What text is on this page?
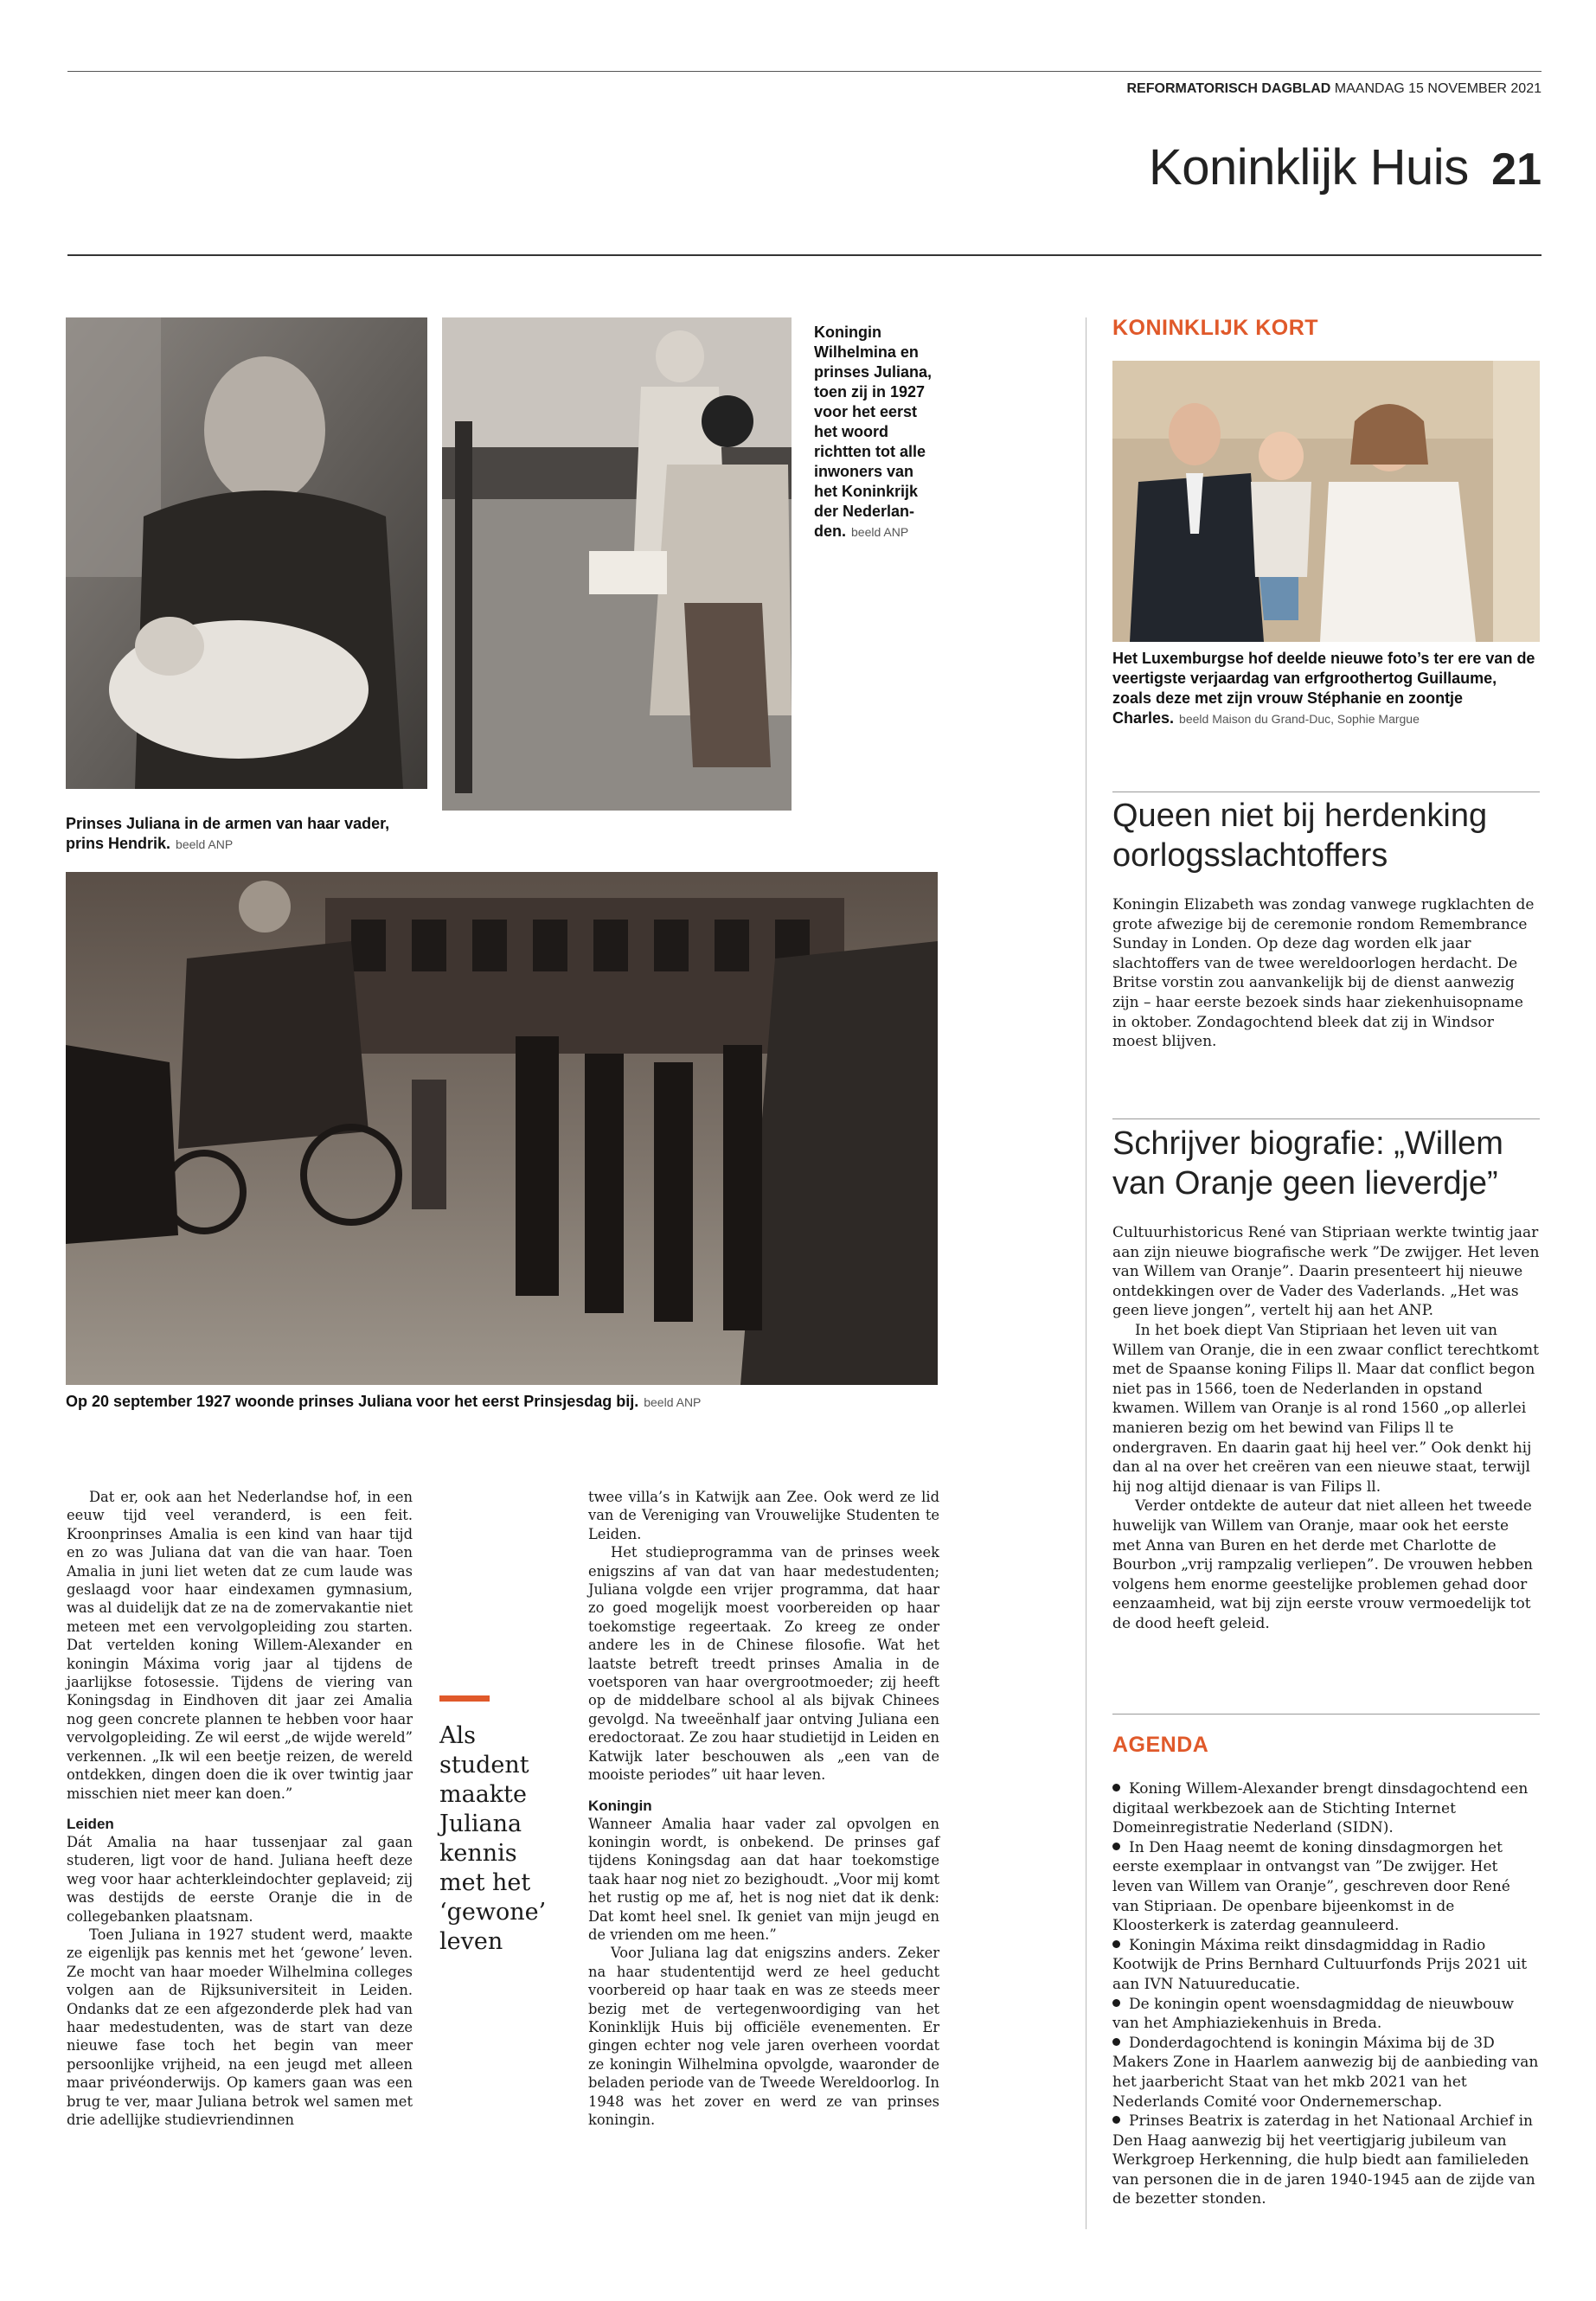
REFORMATORISCH DAGBLAD MAANDAG 15 NOVEMBER 2021
Koninklijk Huis 21
Prinses Juliana in de armen van haar vader, prins Hendrik. beeld ANP
Koningin
Wilhelmina en
prinses Juliana,
toen zij in 1927
voor het eerst
het woord
richtten tot alle
inwoners van
het Koninkrijk
der Nederlan-
den. beeld ANP
Op 20 september 1927 woonde prinses Juliana voor het eerst Prinsjesdag bij. beeld ANP

Dat er, ook aan het Nederlandse hof, in een eeuw tijd veel veranderd, is een feit. Kroonprinses Amalia is een kind van haar tijd en zo was Juliana dat van die van haar. Toen Amalia in juni liet weten dat ze cum laude was geslaagd voor haar eindexamen gymnasium, was al duidelijk dat ze na de zomervakantie niet meteen met een vervolgopleiding zou starten. Dat vertelden koning Willem-Alexander en koningin Máxima vorig jaar al tijdens de jaarlijkse fotosessie. Tijdens de viering van Koningsdag in Eindhoven dit jaar zei Amalia nog geen concrete plannen te hebben voor haar vervolgopleiding. Ze wil eerst „de wijde wereld” verkennen. „Ik wil een beetje reizen, de wereld ontdekken, dingen doen die ik over twintig jaar misschien niet meer kan doen.”

Leiden

Dát Amalia na haar tussenjaar zal gaan studeren, ligt voor de hand. Juliana heeft deze weg voor haar achterkleindochter geplaveid; zij was destijds de eerste Oranje die in de collegebanken plaatsnam.

Toen Juliana in 1927 student werd, maakte ze eigenlijk pas kennis met het ‘gewone’ leven. Ze mocht van haar moeder Wilhelmina colleges volgen aan de Rijksuniversiteit in Leiden. Ondanks dat ze een afgezonderde plek had van haar medestudenten, was de start van deze nieuwe fase toch het begin van meer persoonlijke vrijheid, na een jeugd met alleen maar privéonderwijs. Op kamers gaan was een brug te ver, maar Juliana betrok wel samen met drie adellijke studievriendinnen

Als student maakte Juliana kennis met het ‘gewone’ leven

twee villa’s in Katwijk aan Zee. Ook werd ze lid van de Vereniging van Vrouwelijke Studenten te Leiden.

Het studieprogramma van de prinses week enigszins af van dat van haar medestudenten; Juliana volgde een vrijer programma, dat haar zo goed mogelijk moest voorbereiden op haar toekomstige regeertaak. Zo kreeg ze onder andere les in de Chinese filosofie. Wat het laatste betreft treedt prinses Amalia in de voetsporen van haar overgrootmoeder; zij heeft op de middelbare school al als bijvak Chinees gevolgd. Na tweeënhalf jaar ontving Juliana een eredoctoraat. Ze zou haar studietijd in Leiden en Katwijk later beschouwen als „een van de mooiste periodes” uit haar leven.

Koningin

Wanneer Amalia haar vader zal opvolgen en koningin wordt, is onbekend. De prinses gaf tijdens Koningsdag aan dat haar toekomstige taak haar nog niet zo bezighoudt. „Voor mij komt het rustig op me af, het is nog niet dat ik denk: Dat komt heel snel. Ik geniet van mijn jeugd en de vrienden om me heen.”

Voor Juliana lag dat enigszins anders. Zeker na haar studententijd werd ze heel geducht voorbereid op haar taak en was ze steeds meer bezig met de vertegenwoordiging van het Koninklijk Huis bij officiële evenementen. Er gingen echter nog vele jaren overheen voordat ze koningin Wilhelmina opvolgde, waaronder de beladen periode van de Tweede Wereldoorlog. In 1948 was het zover en werd ze van prinses koningin.

KONINKLIJK KORT
Het Luxemburgse hof deelde nieuwe foto’s ter ere van de veertigste verjaardag van erfgroothertog Guillaume, zoals deze met zijn vrouw Stéphanie en zoontje Charles. beeld Maison du Grand-Duc, Sophie Margue
Queen niet bij herdenking oorlogsslachtoffers

Koningin Elizabeth was zondag vanwege rugklachten de grote afwezige bij de ceremonie rondom Remembrance Sunday in Londen. Op deze dag worden elk jaar slachtoffers van de twee wereldoorlogen herdacht. De Britse vorstin zou aanvankelijk bij de dienst aanwezig zijn – haar eerste bezoek sinds haar ziekenhuisopname in oktober. Zondagochtend bleek dat zij in Windsor moest blijven.

Schrijver biografie: „Willem van Oranje geen lieverdje”

Cultuurhistoricus René van Stipriaan werkte twintig jaar aan zijn nieuwe biografische werk ”De zwijger. Het leven van Willem van Oranje”. Daarin presenteert hij nieuwe ontdekkingen over de Vader des Vaderlands. „Het was geen lieve jongen”, vertelt hij aan het ANP.

In het boek diept Van Stipriaan het leven uit van Willem van Oranje, die in een zwaar conflict terechtkomt met de Spaanse koning Filips ll. Maar dat conflict begon niet pas in 1566, toen de Nederlanden in opstand kwamen. Willem van Oranje is al rond 1560 „op allerlei manieren bezig om het bewind van Filips ll te ondergraven. En daarin gaat hij heel ver.” Ook denkt hij dan al na over het creëren van een nieuwe staat, terwijl hij nog altijd dienaar is van Filips ll.

Verder ontdekte de auteur dat niet alleen het tweede huwelijk van Willem van Oranje, maar ook het eerste met Anna van Buren en het derde met Charlotte de Bourbon „vrij rampzalig verliepen”. De vrouwen hebben volgens hem enorme geestelijke problemen gehad door eenzaamheid, wat bij zijn eerste vrouw vermoedelijk tot de dood heeft geleid.

AGENDA

Koning Willem-Alexander brengt dinsdagochtend een digitaal werkbezoek aan de Stichting Internet Domeinregistratie Nederland (SIDN).

In Den Haag neemt de koning dinsdagmorgen het eerste exemplaar in ontvangst van ”De zwijger. Het leven van Willem van Oranje”, geschreven door René van Stipriaan. De openbare bijeenkomst in de Kloosterkerk is zaterdag geannuleerd.

Koningin Máxima reikt dinsdagmiddag in Radio Kootwijk de Prins Bernhard Cultuurfonds Prijs 2021 uit aan IVN Natuureducatie.

De koningin opent woensdagmiddag de nieuwbouw van het Amphiaziekenhuis in Breda.

Donderdagochtend is koningin Máxima bij de 3D Makers Zone in Haarlem aanwezig bij de aanbieding van het jaarbericht Staat van het mkb 2021 van het Nederlands Comité voor Ondernemerschap.

Prinses Beatrix is zaterdag in het Nationaal Archief in Den Haag aanwezig bij het veertigjarig jubileum van Werkgroep Herkenning, die hulp biedt aan familieleden van personen die in de jaren 1940-1945 aan de zijde van de bezetter stonden.
